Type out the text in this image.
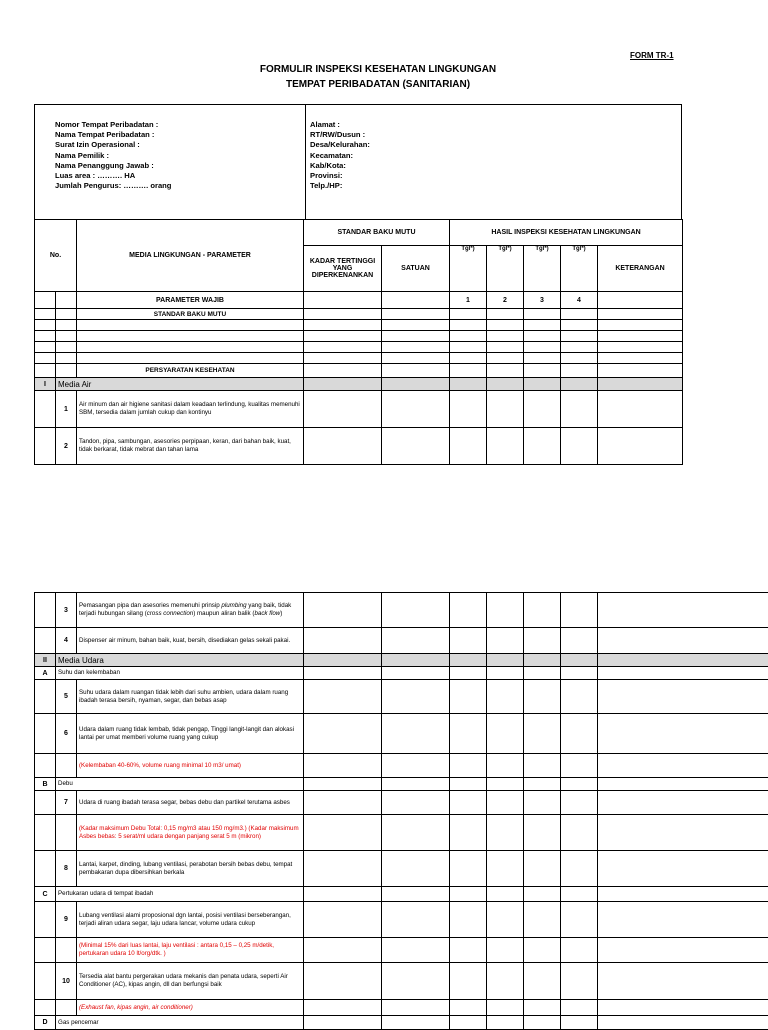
FORM TR-1
FORMULIR INSPEKSI KESEHATAN LINGKUNGAN
TEMPAT PERIBADATAN (SANITARIAN)
Nomor Tempat Peribadatan :
Nama Tempat Peribadatan :
Surat Izin Operasional :
Nama Pemilik :
Nama Penanggung Jawab :
Luas area : ………. HA
Jumlah Pengurus: ………. orang
Alamat :
RT/RW/Dusun :
Desa/Kelurahan:
Kecamatan:
Kab/Kota:
Provinsi:
Telp./HP:
No.		MEDIA LINGKUNGAN - PARAMETER	STANDAR BAKU MUTU		HASIL INSPEKSI KESEHATAN LINGKUNGAN				
			KADAR TERTINGGI YANG DIPERKENANKAN	SATUAN	Tgl*)	Tgl*)	Tgl*)	Tgl*)	KETERANGAN

		PARAMETER WAJIB			1	2	3	4	
		STANDAR BAKU MUTU							

		PERSYARATAN KESEHATAN							
I	Media Air								
	1	Air minum dan air higiene sanitasi dalam keadaan terlindung, kualitas memenuhi SBM, tersedia dalam jumlah cukup dan kontinyu							
	2	Tandon, pipa, sambungan, asesories perpipaan, keran, dari bahan baik, kuat, tidak berkarat, tidak mebrat dan tahan lama							
	3	Pemasangan pipa dan asesories memenuhi prinsip plumbing yang baik, tidak terjadi hubungan silang (cross connection) maupun aliran balik (back flow)							
	4	Dispenser air minum, bahan baik, kuat, bersih, disediakan gelas sekali pakai.							
II	Media Udara								
A	Suhu dan kelembaban								
	5	Suhu udara dalam ruangan tidak lebih dari suhu ambien, udara dalam ruang ibadah terasa bersih, nyaman, segar, dan bebas asap							
	6	Udara dalam ruang tidak lembab, tidak pengap, Tinggi langit-langit dan alokasi lantai per umat memberi volume ruang yang cukup							
		(Kelembaban 40-60%, volume ruang minimal 10 m3/ umat)							
B	Debu								
	7	Udara di ruang ibadah terasa segar, bebas debu dan partikel terutama asbes							
		(Kadar maksimum Debu Total: 0,15 mg/m3 atau 150 mg/m3.) (Kadar maksimum Asbes bebas: 5 serat/ml udara dengan panjang serat 5 m (mikron)							
	8	Lantai, karpet, dinding, lubang ventilasi, perabotan bersih bebas debu, tempat pembakaran dupa dibersihkan berkala							
C	Pertukaran udara di tempat ibadah								
	9	Lubang ventilasi alami proposional dgn lantai, posisi ventilasi berseberangan, terjadi aliran udara segar, laju udara lancar, volume udara cukup							
		(Minimal 15% dari luas lantai, laju ventilasi : antara 0,15 – 0,25 m/detik, pertukaran udara 10 lt/org/dtk. )							
	10	Tersedia alat bantu pergerakan udara mekanis dan penata udara, seperti Air Conditioner (AC), kipas angin, dll dan berfungsi baik							
		(Exhaust fan, kipas angin, air conditioner)							
D	Gas pencemar								
